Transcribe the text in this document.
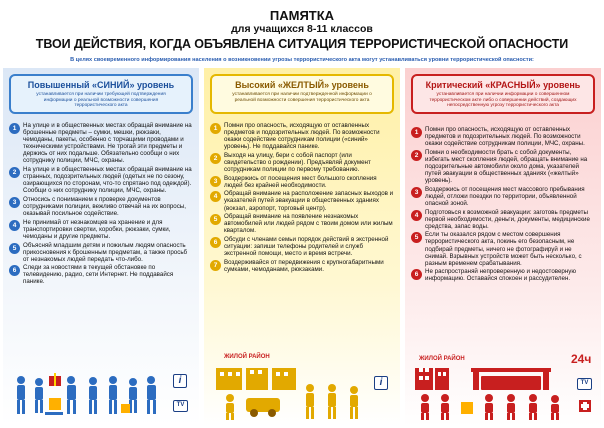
ПАМЯТКА
для учащихся 8-11 классов
ТВОИ ДЕЙСТВИЯ, КОГДА ОБЪЯВЛЕНА СИТУАЦИЯ ТЕРРОРИСТИЧЕСКОЙ ОПАСНОСТИ
В целях своевременного информирования населения о возникновении угрозы террористического акта могут устанавливаться уровни террористической опасности:
Повышенный «СИНИЙ» уровень
устанавливается при наличии требующей подтверждения информации о реальной возможности совершения террористического акта
1	На улице и в общественных местах обращай внимание на брошенные предметы – сумки, мешки, рюкзаки, чемоданы, пакеты, особенно с торчащими проводами и техническими устройствами. Не трогай эти предметы и держись от них подальше. Обязательно сообщи о них сотруднику полиции, МЧС, охраны.
2	На улице и в общественных местах обращай внимание на странных, подозрительных людей (одетых не по сезону, озирающихся по сторонам, что-то спрятано под одеждой). Сообщи о них сотруднику полиции, МЧС, охраны.
3	Относись с пониманием к проверке документов сотрудниками полиции, вежливо отвечай на их вопросы, оказывай посильное содействие.
4	Не принимай от незнакомцев на хранение и для транспортировки свертки, коробки, рюкзаки, сумки, чемоданы и другие предметы.
5	Объясняй младшим детям и пожилым людям опасность прикосновения к брошенным предметам, а также просьб от незнакомых людей передать что-либо.
6	Следи за новостями в текущей обстановке по телевидению, радио, сети Интернет. Не поддавайся панике.
i
TV
Высокий «ЖЕЛТЫЙ» уровень
устанавливается при наличии подтвержденной информации о реальной возможности совершения террористического акта
1	Помни про опасность, исходящую от оставленных предметов и подозрительных людей. По возможности окажи содействие сотрудникам полиции («синий» уровень). Не поддавайся панике.
2	Выходя на улицу, бери с собой паспорт (или свидетельство о рождении). Предъявляй документ сотрудникам полиции по первому требованию.
3	Воздержись от посещения мест большого скопления людей без крайней необходимости.
4	Обращай внимание на расположение запасных выходов и указателей путей эвакуации в общественных зданиях (вокзал, аэропорт, торговый центр).
5	Обращай внимание на появление незнакомых автомобилей или людей рядом с твоим домом или жилым кварталом.
6	Обсуди с членами семьи порядок действий в экстренной ситуации: запиши телефоны родителей и служб экстренной помощи, место и время встречи.
7	Воздерживайся от передвижения с крупногабаритными сумками, чемоданами, рюкзаками.
ЖИЛОЙ РАЙОН
i
Критический «КРАСНЫЙ» уровень
устанавливается при наличии информации о совершенном террористическом акте либо о совершении действий, создающих непосредственную угрозу террористического акта
1	Помни про опасность, исходящую от оставленных предметов и подозрительных людей. По возможности окажи содействие сотрудникам полиции, МЧС, охраны.
2	Помни о необходимости брать с собой документы, избегать мест скопления людей, обращать внимание на подозрительные автомобили около дома, указателей путей эвакуации в общественных зданиях («желтый» уровень).
3	Воздержись от посещения мест массового пребывания людей, отложи поездки по территории, объявленной опасной зоной.
4	Подготовься к возможной эвакуации: заготовь предметы первой необходимости, деньги, документы, медицинские средства, запас воды.
5	Если ты оказался рядом с местом совершения террористического акта, покинь его безопасным, не подбирай предметы, ничего не фотографируй и не снимай. Взрывных устройств может быть несколько, с разным временем срабатывания.
6	Не распространяй непроверенную и недостоверную информацию. Оставайся спокоен и рассудителен.
ЖИЛОЙ РАЙОН	24ч
TV
